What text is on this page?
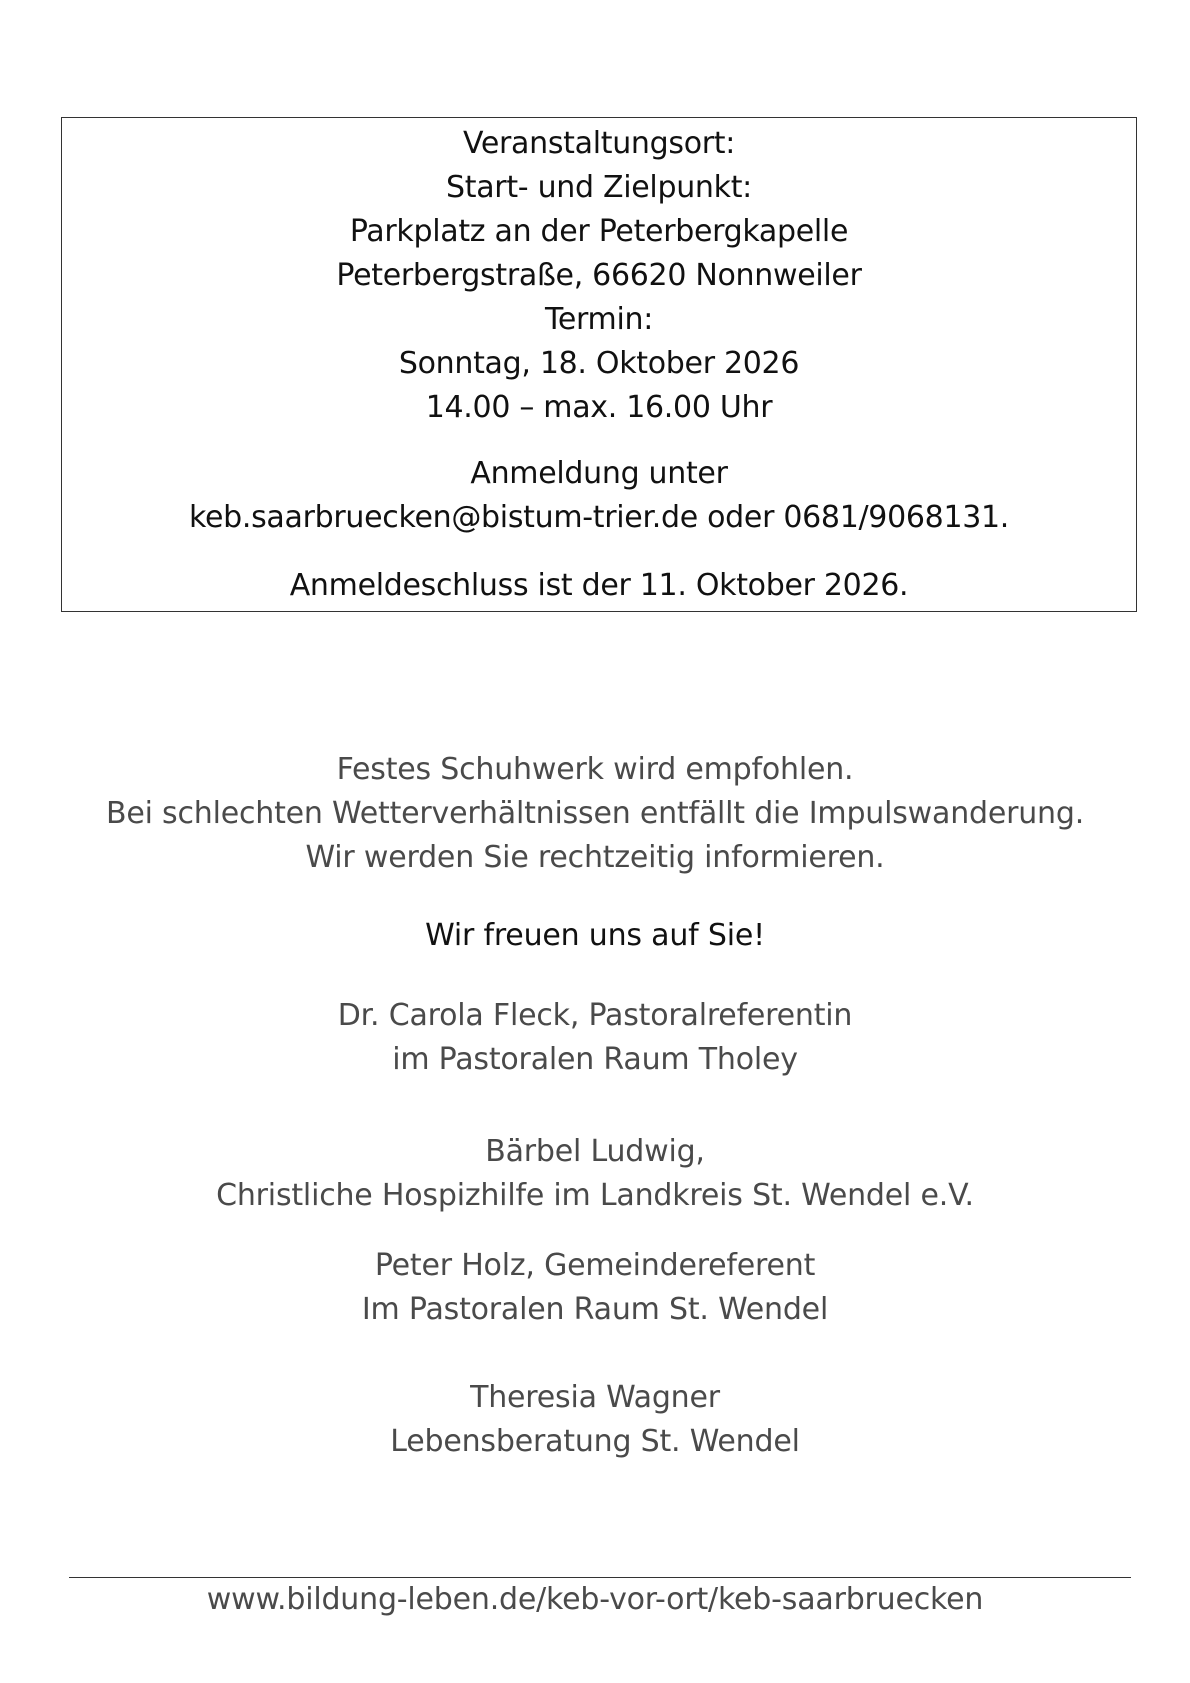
Veranstaltungsort:
Start- und Zielpunkt:
Parkplatz an der Peterbergkapelle
Peterbergstraße, 66620 Nonnweiler
Termin:
Sonntag, 18. Oktober 2026
14.00 – max. 16.00 Uhr
Anmeldung unter
keb.saarbruecken@bistum-trier.de oder 0681/9068131.
Anmeldeschluss ist der 11. Oktober 2026.
Festes Schuhwerk wird empfohlen.
Bei schlechten Wetterverhältnissen entfällt die Impulswanderung.
Wir werden Sie rechtzeitig informieren.
Wir freuen uns auf Sie!
Dr. Carola Fleck, Pastoralreferentin
im Pastoralen Raum Tholey
Bärbel Ludwig,
Christliche Hospizhilfe im Landkreis St. Wendel e.V.
Peter Holz, Gemeindereferent
Im Pastoralen Raum St. Wendel
Theresia Wagner
Lebensberatung St. Wendel
www.bildung-leben.de/keb-vor-ort/keb-saarbruecken
